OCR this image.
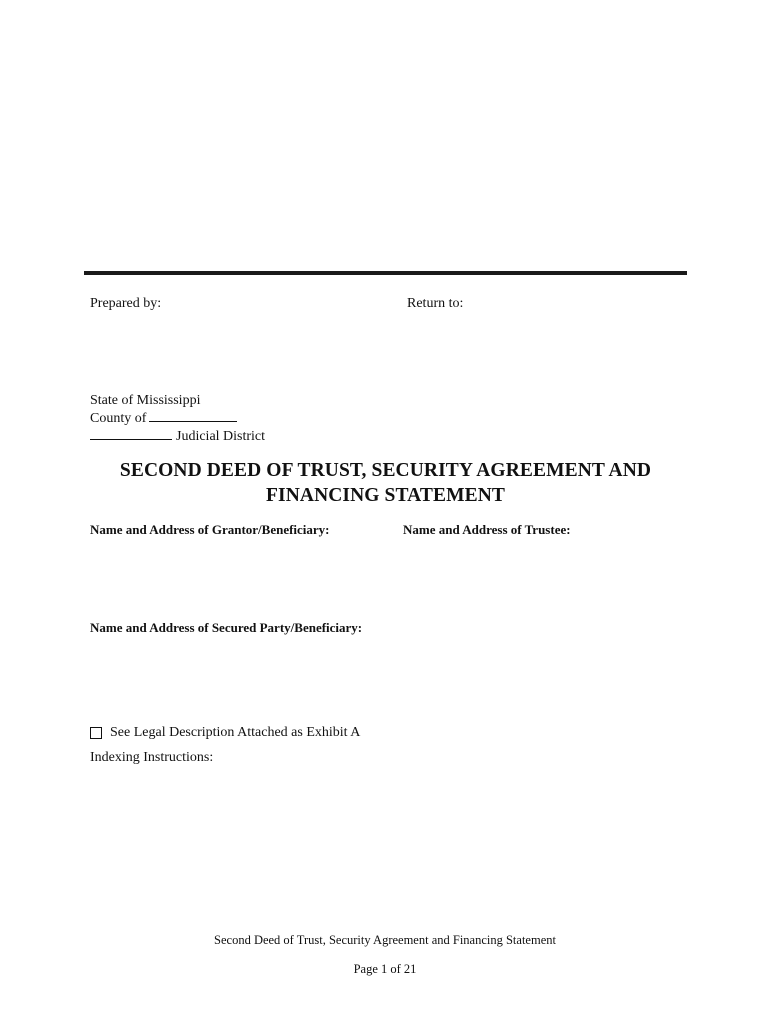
Prepared by:	Return to:
State of Mississippi
County of
Judicial District
SECOND DEED OF TRUST, SECURITY AGREEMENT AND
FINANCING STATEMENT
Name and Address of Grantor/Beneficiary:	Name and Address of Trustee:
Name and Address of Secured Party/Beneficiary:
See Legal Description Attached as Exhibit A
Indexing Instructions:
Second Deed of Trust, Security Agreement and Financing Statement
Page 1 of 21
